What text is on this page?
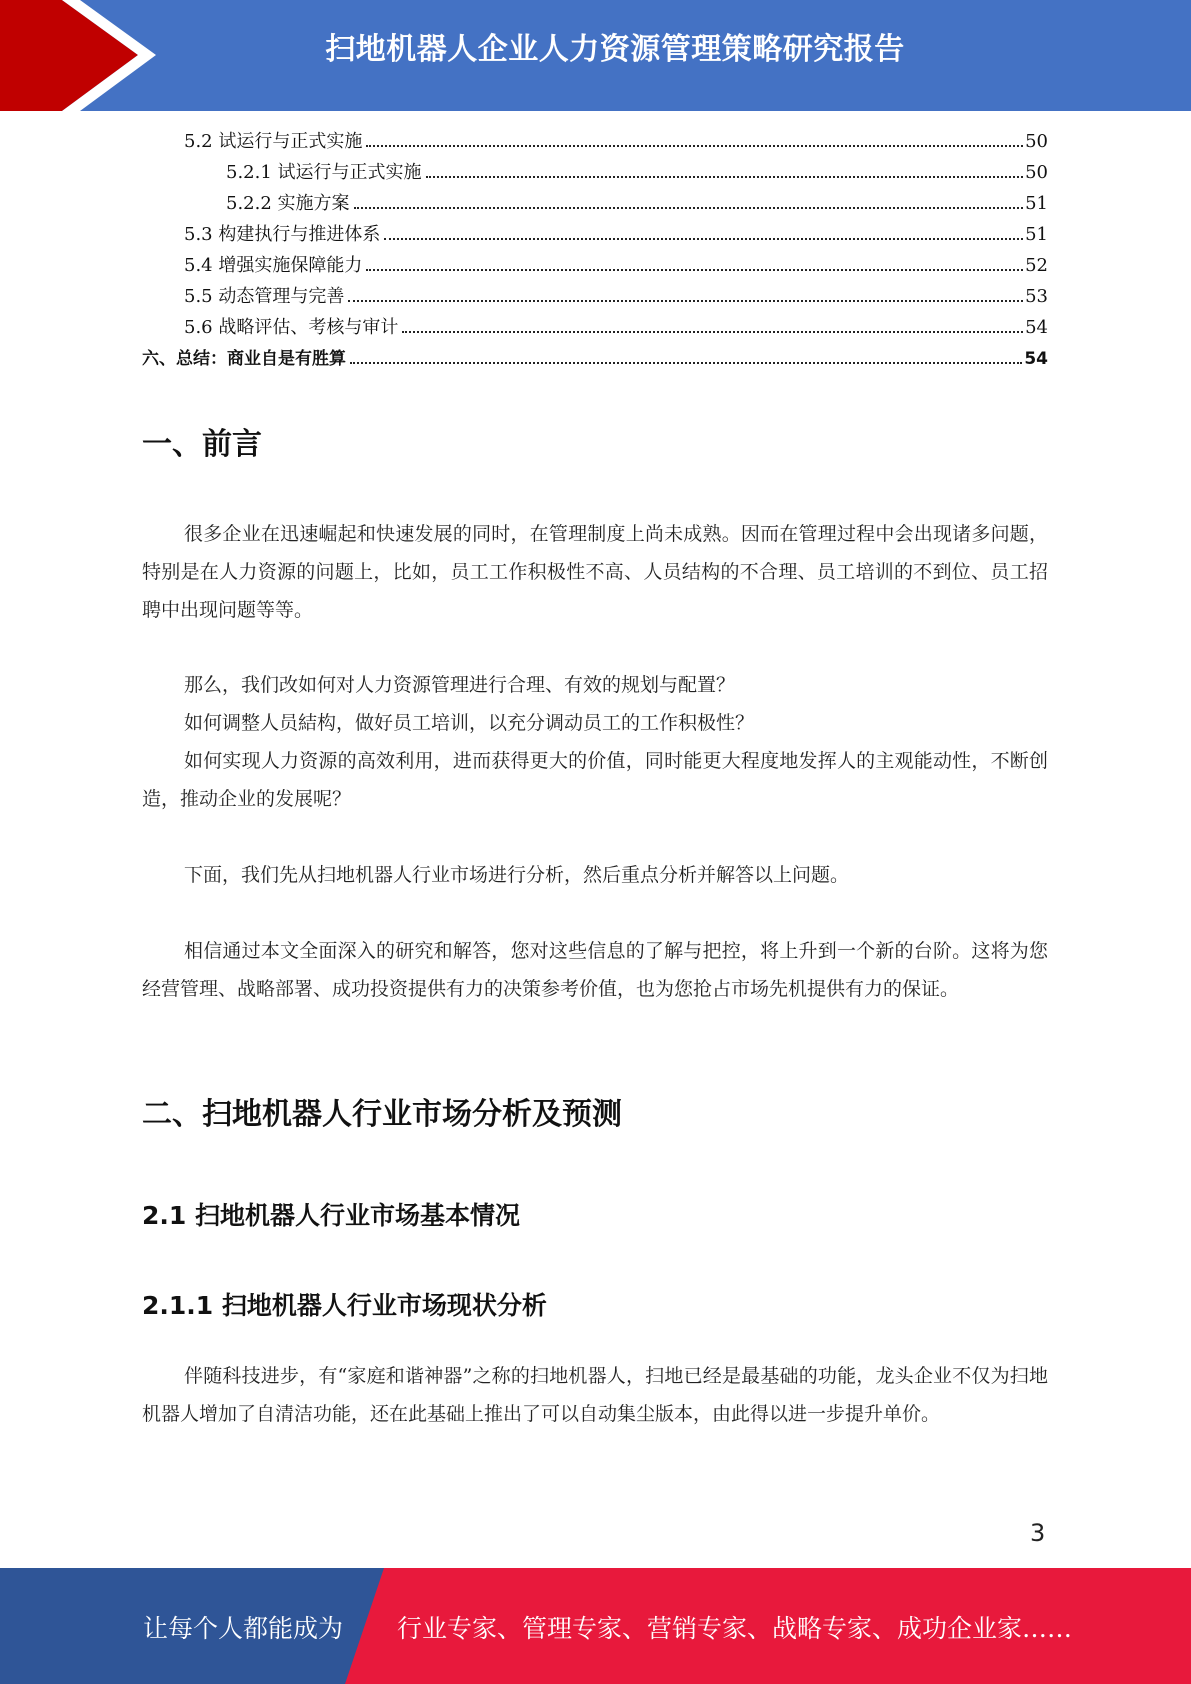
扫地机器人企业人力资源管理策略研究报告
5.2 试运行与正式实施	50
5.2.1 试运行与正式实施	50
5.2.2 实施方案	51
5.3 构建执行与推进体系	51
5.4 增强实施保障能力	52
5.5 动态管理与完善	53
5.6 战略评估、考核与审计	54
六、总结：商业自是有胜算	54
一、前言
很多企业在迅速崛起和快速发展的同时，在管理制度上尚未成熟。因而在管理过程中会出现诸多问题，特别是在人力资源的问题上，比如，员工工作积极性不高、人员结构的不合理、员工培训的不到位、员工招聘中出现问题等等。
那么，我们改如何对人力资源管理进行合理、有效的规划与配置？
如何调整人员結构，做好员工培训，以充分调动员工的工作积极性？
如何实现人力资源的高效利用，进而获得更大的价值，同时能更大程度地发挥人的主观能动性，不断创造，推动企业的发展呢？
下面，我们先从扫地机器人行业市场进行分析，然后重点分析并解答以上问题。
相信通过本文全面深入的研究和解答，您对这些信息的了解与把控，将上升到一个新的台阶。这将为您经营管理、战略部署、成功投资提供有力的决策参考价值，也为您抢占市场先机提供有力的保证。
二、扫地机器人行业市场分析及预测
2.1 扫地机器人行业市场基本情况
2.1.1 扫地机器人行业市场现状分析
伴随科技进步，有“家庭和谐神器”之称的扫地机器人，扫地已经是最基础的功能，龙头企业不仅为扫地机器人增加了自清洁功能，还在此基础上推出了可以自动集尘版本，由此得以进一步提升单价。
3
让每个人都能成为 行业专家、管理专家、营销专家、战略专家、成功企业家……
